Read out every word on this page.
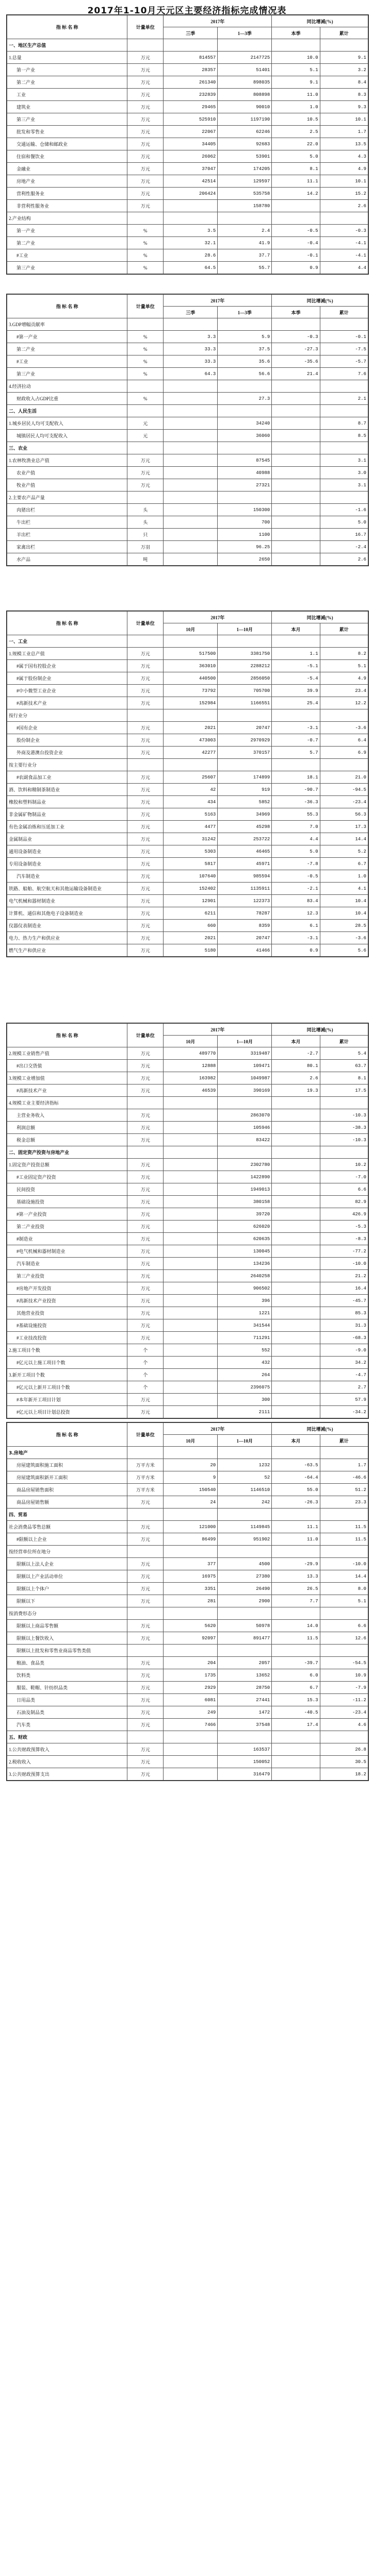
2017年1-10月天元区主要经济指标完成情况表
指 标 名 称	计量单位	2017年		同比增减(%)	
		三季	1—3季	本季	累计
一、地区生产总值					
1.总量	万元	814557	2147725	10.0	9.1
第一产业	万元	28357	51401	5.1	3.2
第二产业	万元	261340	898035	9.1	8.4
工业	万元	232839	808898	11.0	8.3
建筑业	万元	29465	90010	1.0	9.3
第三产业	万元	525910	1197190	10.5	10.1
批发和零售业	万元	22067	62246	2.5	1.7
交通运输、仓储和邮政业	万元	34405	92683	22.0	13.5
住宿和餐饮业	万元	26062	53901	5.0	4.3
金融业	万元	37047	174205	8.1	4.9
房地产业	万元	42514	129597	11.1	10.1
营利性服务业	万元	206424	535758	14.2	15.2
非营利性服务业	万元		158780		2.6
2.产业结构					
第一产业	%	3.5	2.4	-0.5	-0.3
第二产业	%	32.1	41.9	-0.4	-4.1
#工业	%	28.6	37.7	-0.1	-4.1
第三产业	%	64.5	55.7	0.9	4.4
指 标 名 称	计量单位	2017年		同比增减(%)	
		三季	1—3季	本季	累计
3.GDP增幅贡献率					
#第一产业	%	3.3	5.9	-0.3	-0.1
第二产业	%	33.3	37.5	-27.3	-7.5
#工业	%	33.3	35.6	-35.6	-5.7
第三产业	%	64.3	56.6	21.4	7.6
4.经济拉动					
财政收入占GDP比重	%		27.3		2.1
二、人民生活					
1.城乡居民人均可支配收入	元		34240		8.7
城镇居民人均可支配收入	元		36060		8.5
三、农业					
1.农林牧渔业总产值	万元		87545		3.1
农业产值	万元		40988		3.0
牧业产值	万元		27321		3.1
2.主要农产品产量					
肉猪出栏	头		150300		-1.6
牛出栏	头		700		5.0
羊出栏	只		1100		16.7
家禽出栏	万羽		96.25		-2.4
水产品	吨		2650		2.6
指 标 名 称	计量单位	2017年		同比增减(%)	
		10月	1—10月	本月	累计
一、工业					
1.规模工业总产值	万元	517500	3381750	1.1	8.2
#属于国有控股企业	万元	363010	2288212	-5.1	5.1
#属于股份制企业	万元	440500	2856050	-5.4	4.9
#中小微型工业企业	万元	73792	705700	39.9	23.4
#高新技术产业	万元	152984	1166551	25.4	12.2
按行业分					
#国有企业	万元	2021	20747	-3.1	-3.6
股份制企业	万元	473003	2970929	-0.7	6.4
外商及港澳台投资企业	万元	42277	370157	5.7	6.9
按主要行业分					
#农副食品加工业	万元	25607	174899	18.1	21.0
酒、饮料和精制茶制造业	万元	42	919	-90.7	-94.5
橡胶和塑料制品业	万元	434	5852	-36.3	-23.4
非金属矿物制品业	万元	5163	34969	55.3	56.3
有色金属冶炼和压延加工业	万元	4477	45298	7.0	17.3
金属制品业	万元	31242	253722	4.4	14.4
通用设备制造业	万元	5303	46465	5.0	5.2
专用设备制造业	万元	5817	45971	-7.8	6.7
汽车制造业	万元	107640	985594	-0.5	1.0
铁路、船舶、航空航天和其他运输设备制造业	万元	152402	1135911	-2.1	4.1
电气机械和器材制造业	万元	12901	122373	83.4	10.4
计算机、通信和其他电子设备制造业	万元	6211	78287	12.3	10.4
仪器仪表制造业	万元	660	8359	6.1	28.5
电力、热力生产和供应业	万元	2021	20747	-3.1	-3.6
燃气生产和供应业	万元	5180	41466	0.9	5.6
指 标 名 称	计量单位	2017年		同比增减(%)	
		10月	1—10月	本月	累计
2.规模工业销售产值	万元	489770	3319487	-2.7	5.4
#出口交货值	万元	12888	109471	80.1	63.7
3.规模工业增加值	万元	163982	1049987	2.6	8.1
#高新技术产业	万元	46539	390169	19.3	17.5
4.规模工业主要经济指标					
主营业务收入	万元		2863070		-10.3
利润总额	万元		105946		-38.3
税金总额	万元		83422		-10.3
二、固定资产投资与房地产业					
1.固定资产投资总额	万元		2302780		10.2
#工业固定资产投资	万元		1422890		-7.0
民间投资	万元		1949013		6.6
基础设施投资	万元		380158		82.9
#第一产业投资	万元		39720		426.9
第二产业投资	万元		626020		-5.3
#制造业	万元		620635		-8.3
#电气机械和器材制造业	万元		130045		-77.2
汽车制造业	万元		134236		-10.0
第三产业投资	万元		2640258		21.2
#房地产开发投资	万元		906502		16.4
#高新技术产业投资	万元		396		-45.7
其他营业投资	万元		1221		85.3
#基础设施投资	万元		341544		31.3
#工业技改投资	万元		711291		-68.3
2.施工项目个数	个		552		-9.0
#亿元以上施工项目个数	个		432		34.2
3.新开工项目个数	个		264		-4.7
#亿元以上新开工项目个数	个		2396075		2.7
#本年新开工项目计划	万元		300		57.9
#亿元以上项目计划总投资	万元		2111		-34.2
指 标 名 称	计量单位	2017年		同比增减(%)	
		10月	1—10月	本月	累计
3.房地产					
房屋建筑面积施工面积	万平方米	20	1232	-63.5	1.7
房屋建筑面积新开工面积	万平方米	9	52	-64.4	-46.6
商品房屋销售面积	万平方米	150540	1146510	55.0	51.2
商品房屋销售额	万元	24	242	-26.3	23.3
四、贸易					
社会消费品零售总额	万元	121000	1149845	11.1	11.5
#限额以上企业	万元	86499	951902	11.0	11.5
按经营单位所在地分					
限额以上法人企业	万元	377	4500	-29.9	-10.0
限额以上产业活动单位	万元	16975	27380	13.3	14.4
限额以上个体户	万元	3351	26490	26.5	8.0
限额以下	万元	281	2900	7.7	5.1
按消费形态分					
限额以上商品零售额	万元	5620	50978	14.0	6.6
限额以上餐饮收入	万元	92097	891477	11.5	12.6
限额以上批发和零售业商品零售类值					
粮油、食品类	万元	204	2057	-39.7	-54.5
饮料类	万元	1735	13652	6.0	10.9
服装、鞋帽、针纺织品类	万元	2929	28750	6.7	-7.9
日用品类	万元	6081	27441	15.3	-11.2
石油及制品类	万元	249	1472	-40.5	-23.4
汽车类	万元	7466	37548	17.4	4.6
五、财政					
1.公共财政预算收入	万元		163537		26.8
2.税收收入	万元		150052		30.5
3.公共财政预算支出	万元		316479		18.2
